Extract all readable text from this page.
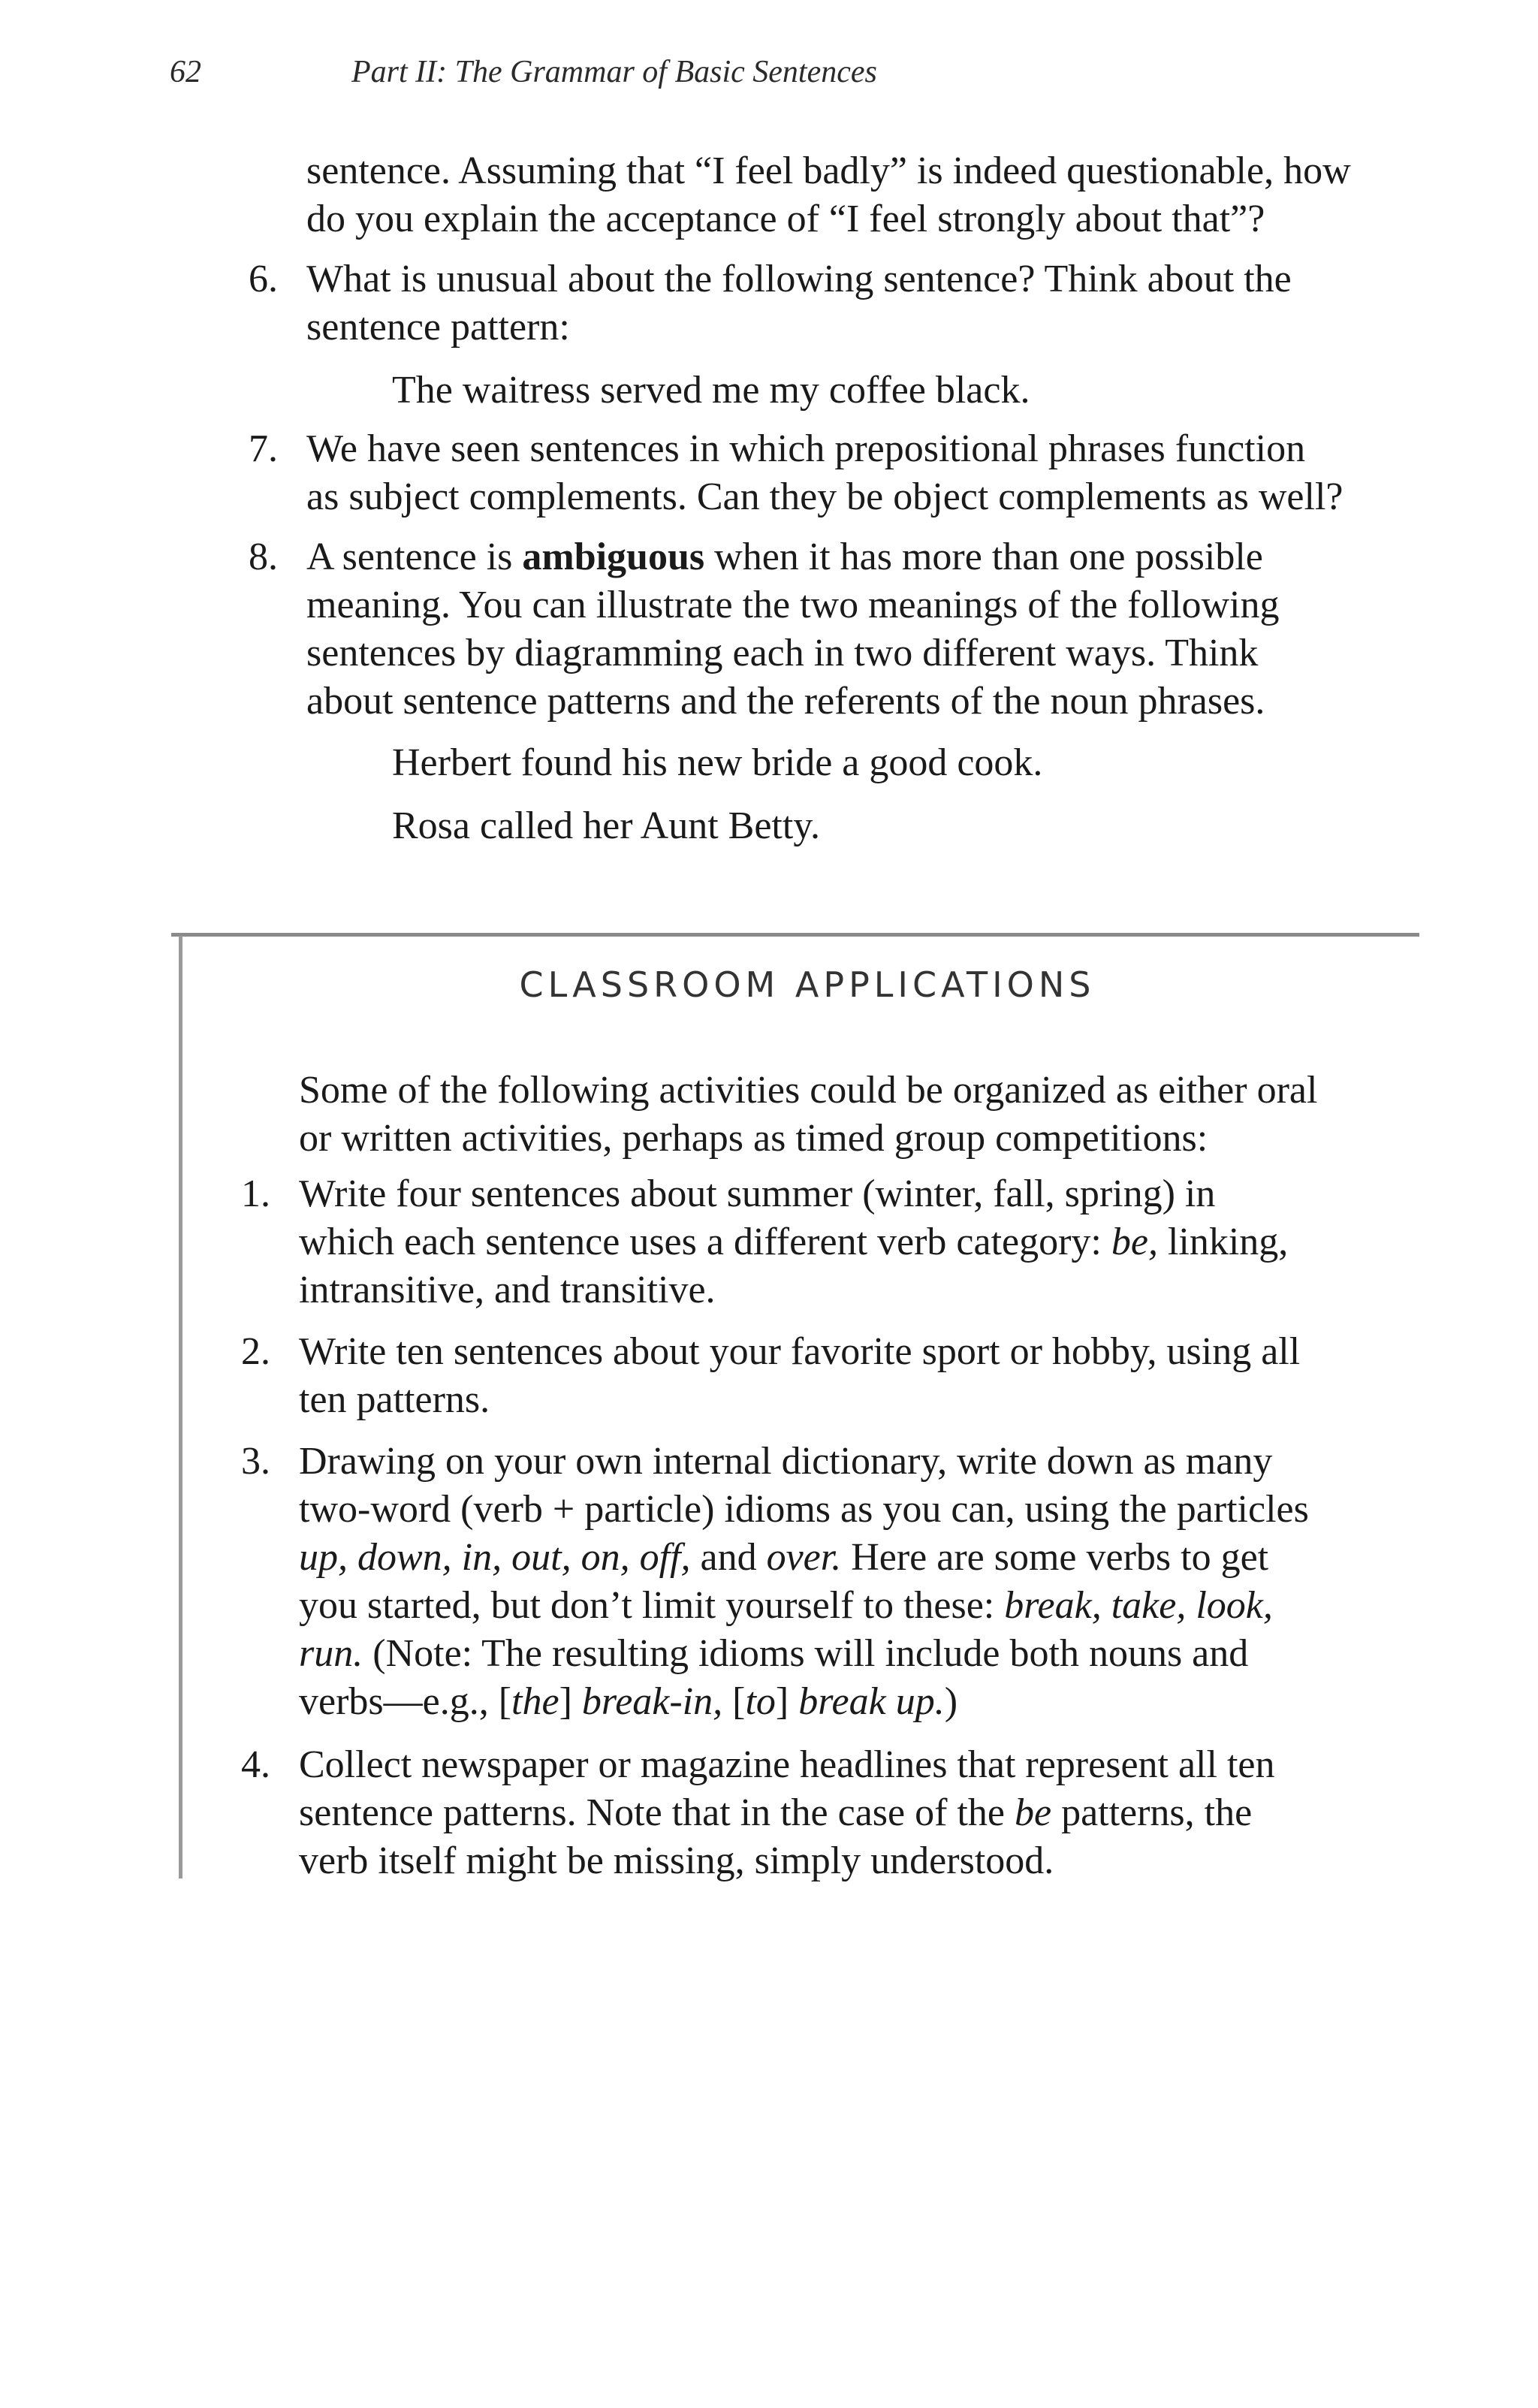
62	Part II: The Grammar of Basic Sentences
sentence. Assuming that “I feel badly” is indeed questionable, how
do you explain the acceptance of “I feel strongly about that”?
6. What is unusual about the following sentence? Think about the
sentence pattern:
The waitress served me my coffee black.
7. We have seen sentences in which prepositional phrases function
as subject complements. Can they be object complements as well?
8. A sentence is ambiguous when it has more than one possible
meaning. You can illustrate the two meanings of the following
sentences by diagramming each in two different ways. Think
about sentence patterns and the referents of the noun phrases.
Herbert found his new bride a good cook.
Rosa called her Aunt Betty.
CLASSROOM APPLICATIONS
Some of the following activities could be organized as either oral
or written activities, perhaps as timed group competitions:
1. Write four sentences about summer (winter, fall, spring) in
which each sentence uses a different verb category: be, linking,
intransitive, and transitive.
2. Write ten sentences about your favorite sport or hobby, using all
ten patterns.
3. Drawing on your own internal dictionary, write down as many
two-word (verb + particle) idioms as you can, using the particles
up, down, in, out, on, off, and over. Here are some verbs to get
you started, but don’t limit yourself to these: break, take, look,
run. (Note: The resulting idioms will include both nouns and
verbs—e.g., [the] break-in, [to] break up.)
4. Collect newspaper or magazine headlines that represent all ten
sentence patterns. Note that in the case of the be patterns, the
verb itself might be missing, simply understood.
